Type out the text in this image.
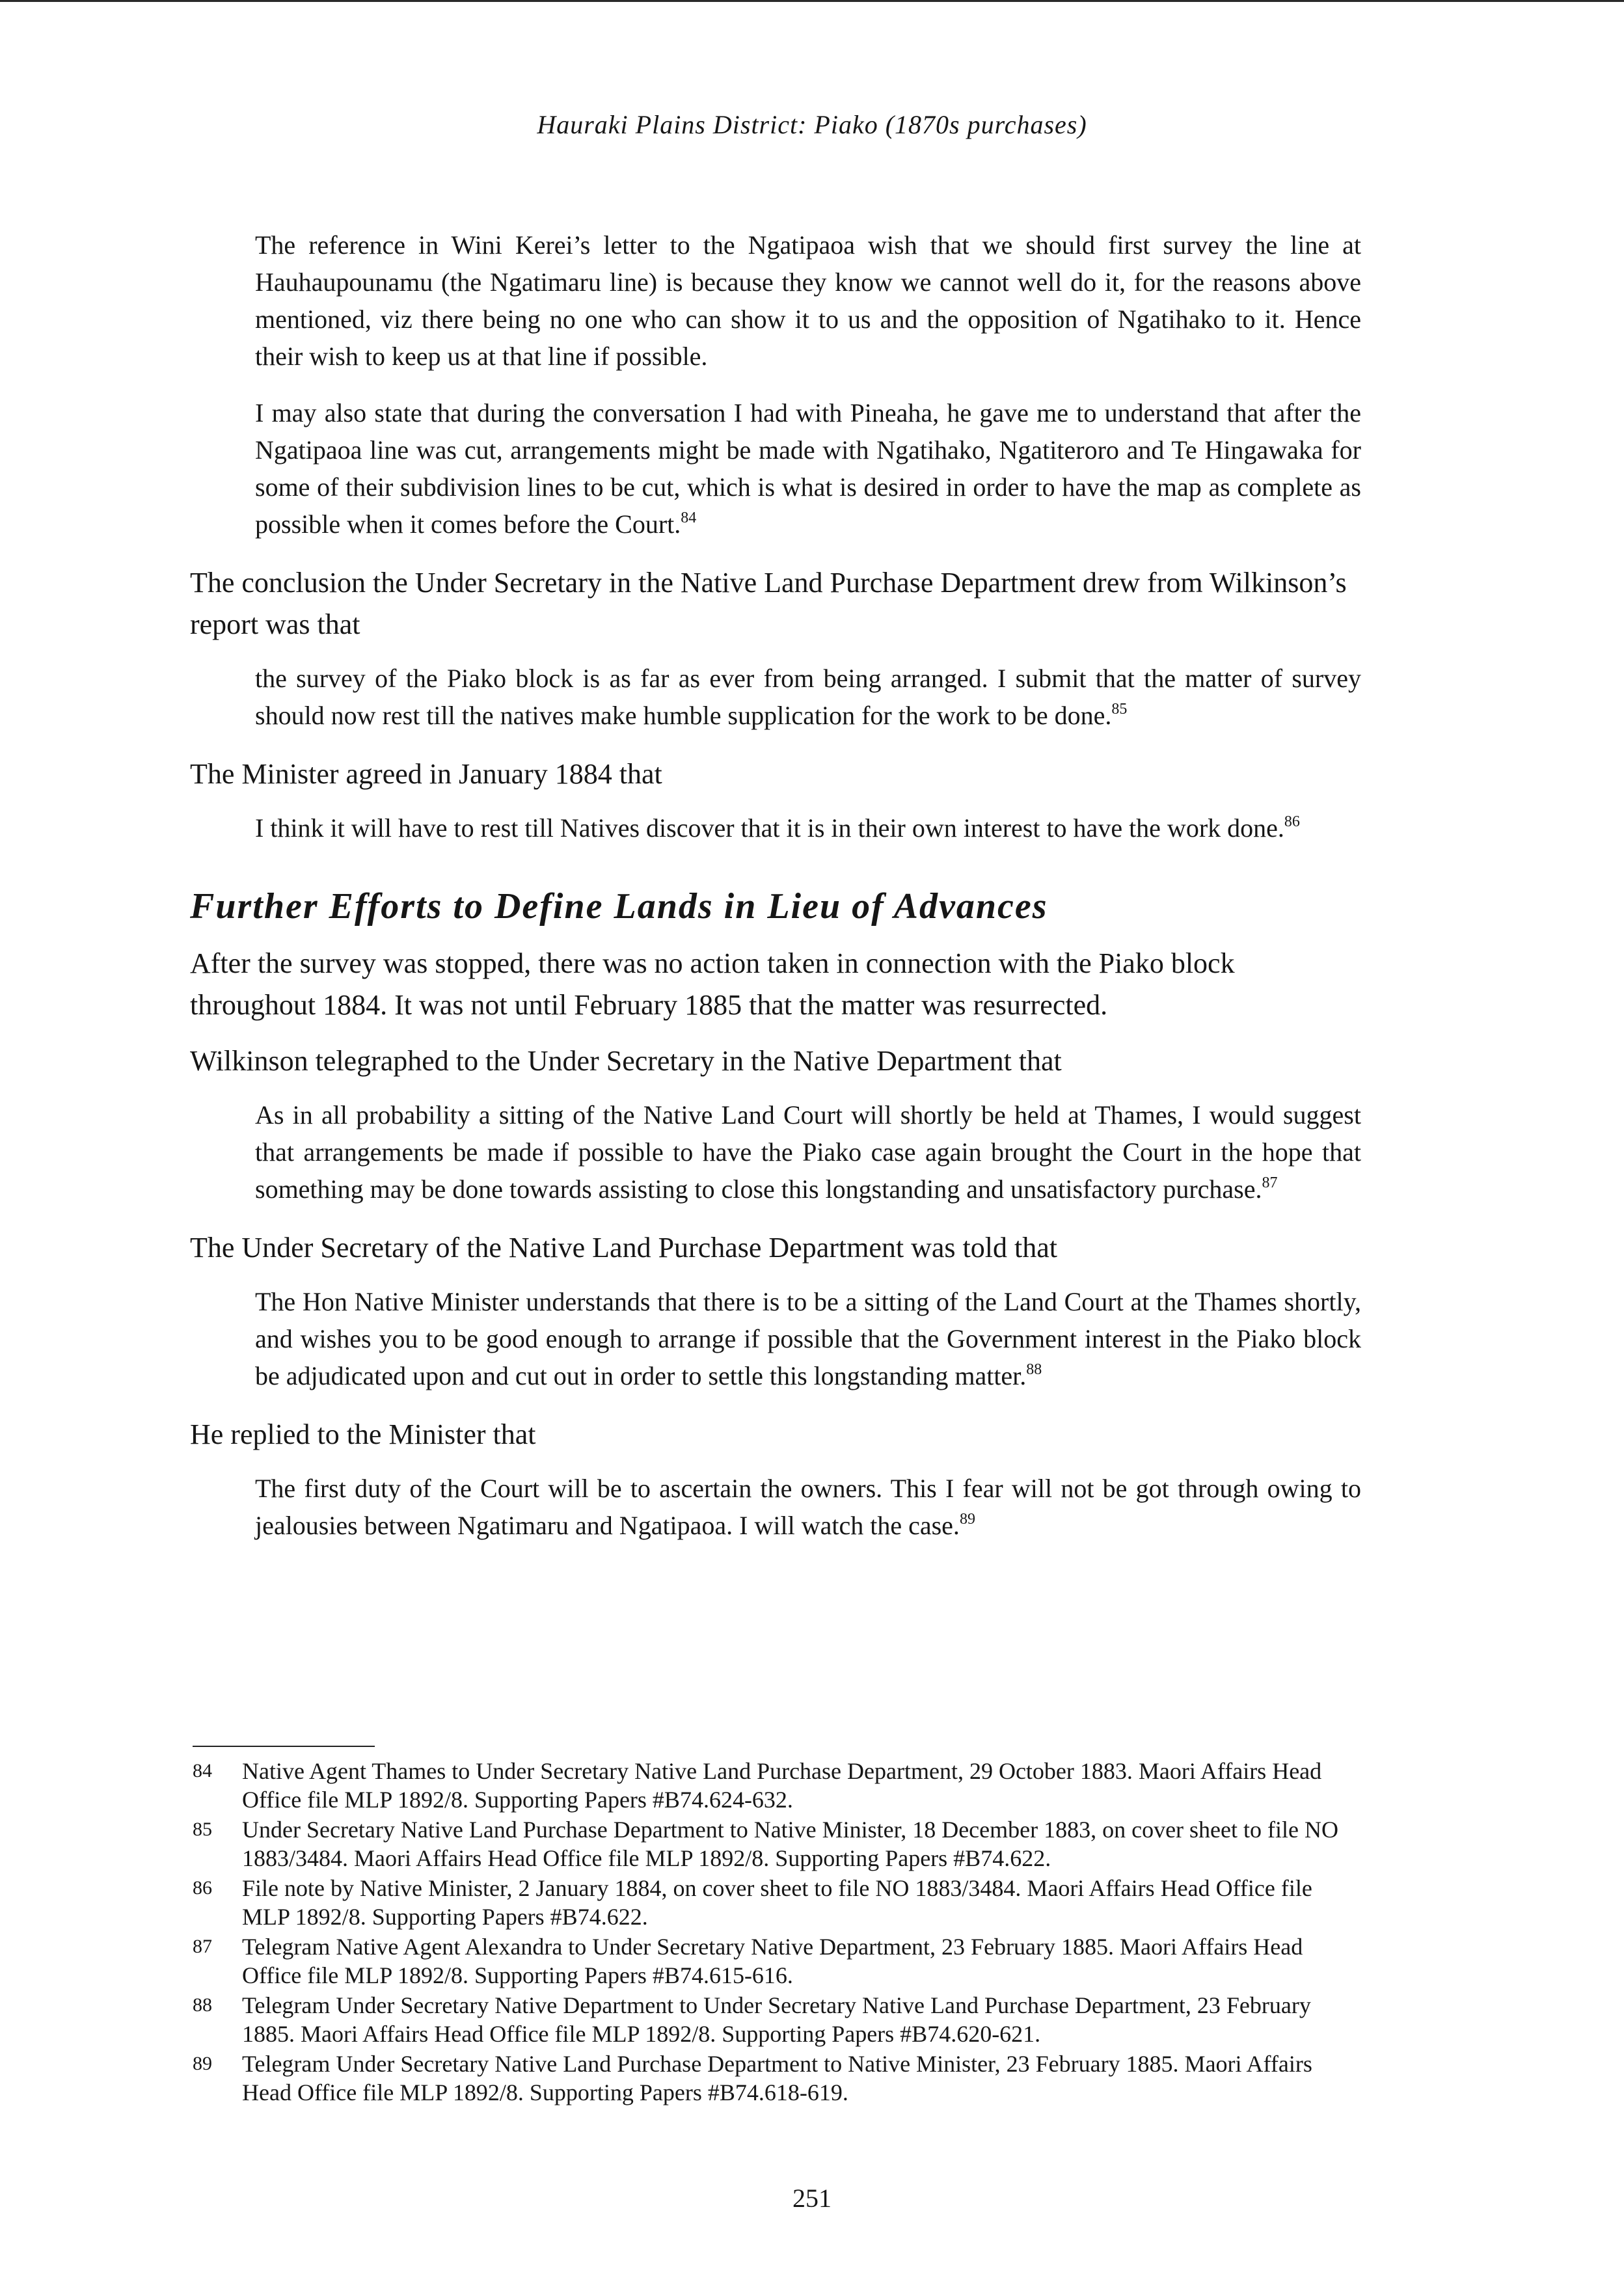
Hauraki Plains District: Piako (1870s purchases)
The reference in Wini Kerei’s letter to the Ngatipaoa wish that we should first survey the line at Hauhaupounamu (the Ngatimaru line) is because they know we cannot well do it, for the reasons above mentioned, viz there being no one who can show it to us and the opposition of Ngatihako to it. Hence their wish to keep us at that line if possible.
I may also state that during the conversation I had with Pineaha, he gave me to understand that after the Ngatipaoa line was cut, arrangements might be made with Ngatihako, Ngatiteroro and Te Hingawaka for some of their subdivision lines to be cut, which is what is desired in order to have the map as complete as possible when it comes before the Court.$^{84}$
The conclusion the Under Secretary in the Native Land Purchase Department drew from Wilkinson’s report was that
the survey of the Piako block is as far as ever from being arranged. I submit that the matter of survey should now rest till the natives make humble supplication for the work to be done.$^{85}$
The Minister agreed in January 1884 that
I think it will have to rest till Natives discover that it is in their own interest to have the work done.$^{86}$
Further Efforts to Define Lands in Lieu of Advances
After the survey was stopped, there was no action taken in connection with the Piako block throughout 1884. It was not until February 1885 that the matter was resurrected.
Wilkinson telegraphed to the Under Secretary in the Native Department that
As in all probability a sitting of the Native Land Court will shortly be held at Thames, I would suggest that arrangements be made if possible to have the Piako case again brought the Court in the hope that something may be done towards assisting to close this longstanding and unsatisfactory purchase.$^{87}$
The Under Secretary of the Native Land Purchase Department was told that
The Hon Native Minister understands that there is to be a sitting of the Land Court at the Thames shortly, and wishes you to be good enough to arrange if possible that the Government interest in the Piako block be adjudicated upon and cut out in order to settle this longstanding matter.$^{88}$
He replied to the Minister that
The first duty of the Court will be to ascertain the owners. This I fear will not be got through owing to jealousies between Ngatimaru and Ngatipaoa. I will watch the case.$^{89}$
84	Native Agent Thames to Under Secretary Native Land Purchase Department, 29 October 1883. Maori Affairs Head Office file MLP 1892/8. Supporting Papers #B74.624-632.
85	Under Secretary Native Land Purchase Department to Native Minister, 18 December 1883, on cover sheet to file NO 1883/3484. Maori Affairs Head Office file MLP 1892/8. Supporting Papers #B74.622.
86	File note by Native Minister, 2 January 1884, on cover sheet to file NO 1883/3484. Maori Affairs Head Office file MLP 1892/8. Supporting Papers #B74.622.
87	Telegram Native Agent Alexandra to Under Secretary Native Department, 23 February 1885. Maori Affairs Head Office file MLP 1892/8. Supporting Papers #B74.615-616.
88	Telegram Under Secretary Native Department to Under Secretary Native Land Purchase Department, 23 February 1885. Maori Affairs Head Office file MLP 1892/8. Supporting Papers #B74.620-621.
89	Telegram Under Secretary Native Land Purchase Department to Native Minister, 23 February 1885. Maori Affairs Head Office file MLP 1892/8. Supporting Papers #B74.618-619.
251
